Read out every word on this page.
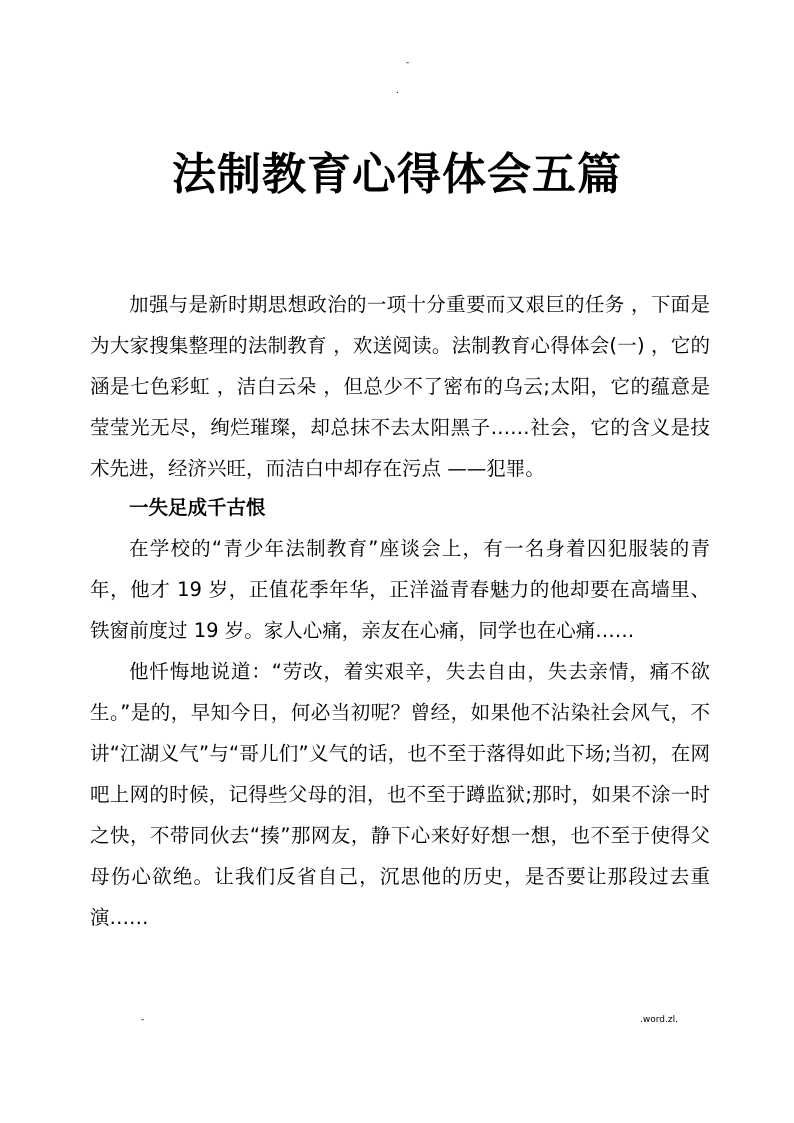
-
.
法制教育心得体会五篇

加强与是新时期思想政治的一项十分重要而又艰巨的任务 ，下面是为大家搜集整理的法制教育 ，欢送阅读。法制教育心得体会(一) ，它的涵是七色彩虹 ，洁白云朵 ，但总少不了密布的乌云;太阳，它的蕴意是莹莹光无尽，绚烂璀璨，却总抹不去太阳黑子……社会，它的含义是技术先进，经济兴旺，而洁白中却存在污点 ——犯罪。

一失足成千古恨

在学校的“青少年法制教育”座谈会上，有一名身着囚犯服装的青年，他才 19 岁，正值花季年华，正洋溢青春魅力的他却要在高墙里、铁窗前度过 19 岁。家人心痛，亲友在心痛，同学也在心痛……

他忏悔地说道：“劳改，着实艰辛，失去自由，失去亲情，痛不欲生。”是的，早知今日，何必当初呢？曾经，如果他不沾染社会风气，不讲“江湖义气”与“哥儿们”义气的话，也不至于落得如此下场;当初，在网吧上网的时候，记得些父母的泪，也不至于蹲监狱;那时，如果不涂一时之快，不带同伙去“揍”那网友，静下心来好好想一想，也不至于使得父母伤心欲绝。让我们反省自己，沉思他的历史，是否要让那段过去重演……

-	.word.zl.
